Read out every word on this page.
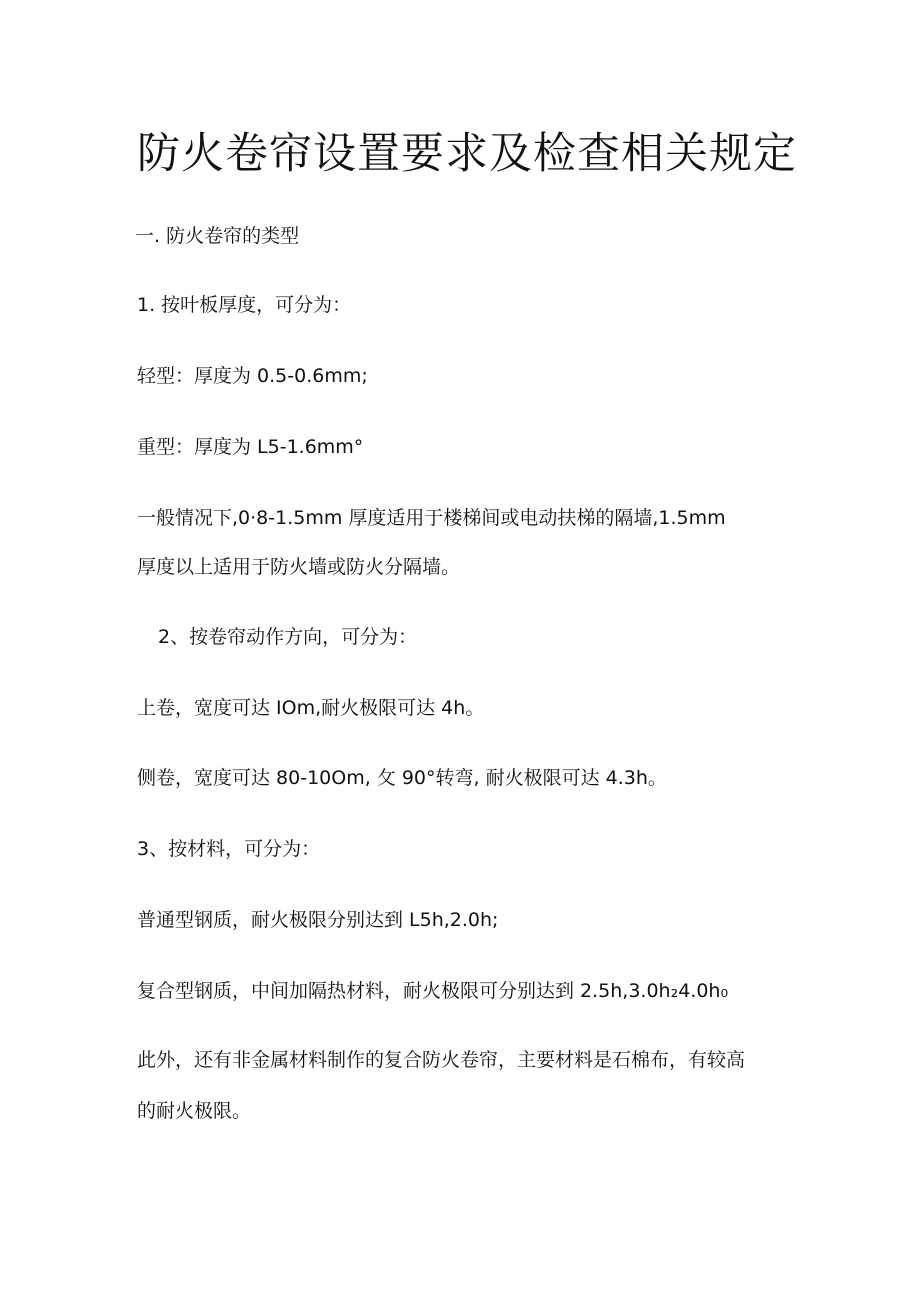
防火卷帘设置要求及检查相关规定
一. 防火卷帘的类型
1. 按叶板厚度，可分为：
轻型：厚度为 0.5-0.6mm;
重型：厚度为 L5-1.6mm°
一般情况下,0·8-1.5mm 厚度适用于楼梯间或电动扶梯的隔墙,1.5mm
厚度以上适用于防火墙或防火分隔墙。
2、按卷帘动作方向，可分为：
上卷，宽度可达 IOm,耐火极限可达 4h。
侧卷，宽度可达 80-10Om, 攵 90°转弯, 耐火极限可达 4.3h。
3、按材料，可分为：
普通型钢质，耐火极限分别达到 L5h,2.0h;
复合型钢质，中间加隔热材料，耐火极限可分别达到 2.5h,3.0h₂4.0h₀
此外，还有非金属材料制作的复合防火卷帘，主要材料是石棉布，有较高
的耐火极限。
